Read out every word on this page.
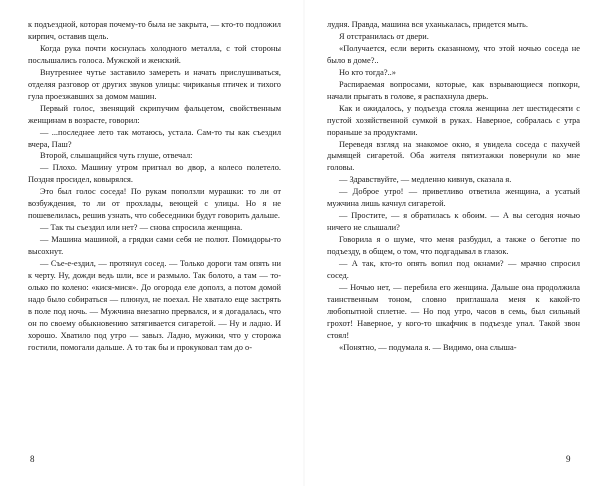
к подъездной, которая почему-то была не закрыта, — кто-то подложил кирпич, оставив щель.

Когда рука почти коснулась холодного металла, с той стороны послышались голоса. Мужской и женский.

Внутреннее чутье заставило замереть и начать прислушиваться, отделяя разговор от других звуков улицы: чириканья птичек и тихого гула проезжавших за домом машин.

Первый голос, звенящий скрипучим фальцетом, свойственным женщинам в возрасте, говорил:

— ...последнее лето так мотаюсь, устала. Сам-то ты как съездил вчера, Паш?

Второй, слышащийся чуть глуше, отвечал:

— Плохо. Машину утром пригнал во двор, а колесо полетело. Поздня просидел, ковырялся.

Это был голос соседа! По рукам поползли мурашки: то ли от возбуждения, то ли от прохлады, веющей с улицы. Но я не пошевелилась, решив узнать, что собеседники будут говорить дальше.

— Так ты съездил или нет? — снова спросила женщина.

— Машина машиной, а грядки сами себя не полют. Помидоры-то высохнут.

— Съе-е-ездил, — протянул сосед. — Только дороги там опять ни к черту. Ну, дожди ведь шли, все и размыло. Так болото, а там — то-олько по колено: «кися-мися». До огорода еле дополз, а потом домой надо было собираться — плюнул, не поехал. Не хватало еще застрять в поле под ночь. — Мужчина внезапно прервался, и я догадалась, что он по своему обыкновению затягивается сигаретой. — Ну и ладно. И хорошо. Хватило под утро — завыз. Ладно, мужики, что у сторожа гостили, помогали дальше. А то так бы и прокуковал там до о-

лудня. Правда, машина вся уханькалась, придется мыть.

Я отстранилась от двери.

«Получается, если верить сказанному, что этой ночью соседа не было в доме?..

Но кто тогда?..»

Распираемая вопросами, которые, как взрывающиеся попкорн, начали прыгать в голове, я распахнула дверь.

Как и ожидалось, у подъезда стояла женщина лет шестидесяти с пустой хозяйственной сумкой в руках. Наверное, собралась с утра пораньше за продуктами.

Переведя взгляд на знакомое окно, я увидела соседа с пахучей дымящей сигаретой. Оба жителя пятиэтажки повернули ко мне головы.

— Здравствуйте, — медленно кивнув, сказала я.

— Доброе утро! — приветливо ответила женщина, а усатый мужчина лишь качнул сигаретой.

— Простите, — я обратилась к обоим. — А вы сегодня ночью ничего не слышали?

Говорила я о шуме, что меня разбудил, а также о беготне по подъезду, в общем, о том, что подгадывал в глазок.

— А так, кто-то опять вопил под окнами? — мрачно спросил сосед.

— Ночью нет, — перебила его женщина. Дальше она продолжила таинственным тоном, словно приглашала меня к какой-то любопытной сплетне. — Но под утро, часов в семь, был сильный грохот! Наверное, у кого-то шкафчик в подъезде упал. Такой звон стоял!

«Понятно, — подумала я. — Видимо, она слыша-

8	9
